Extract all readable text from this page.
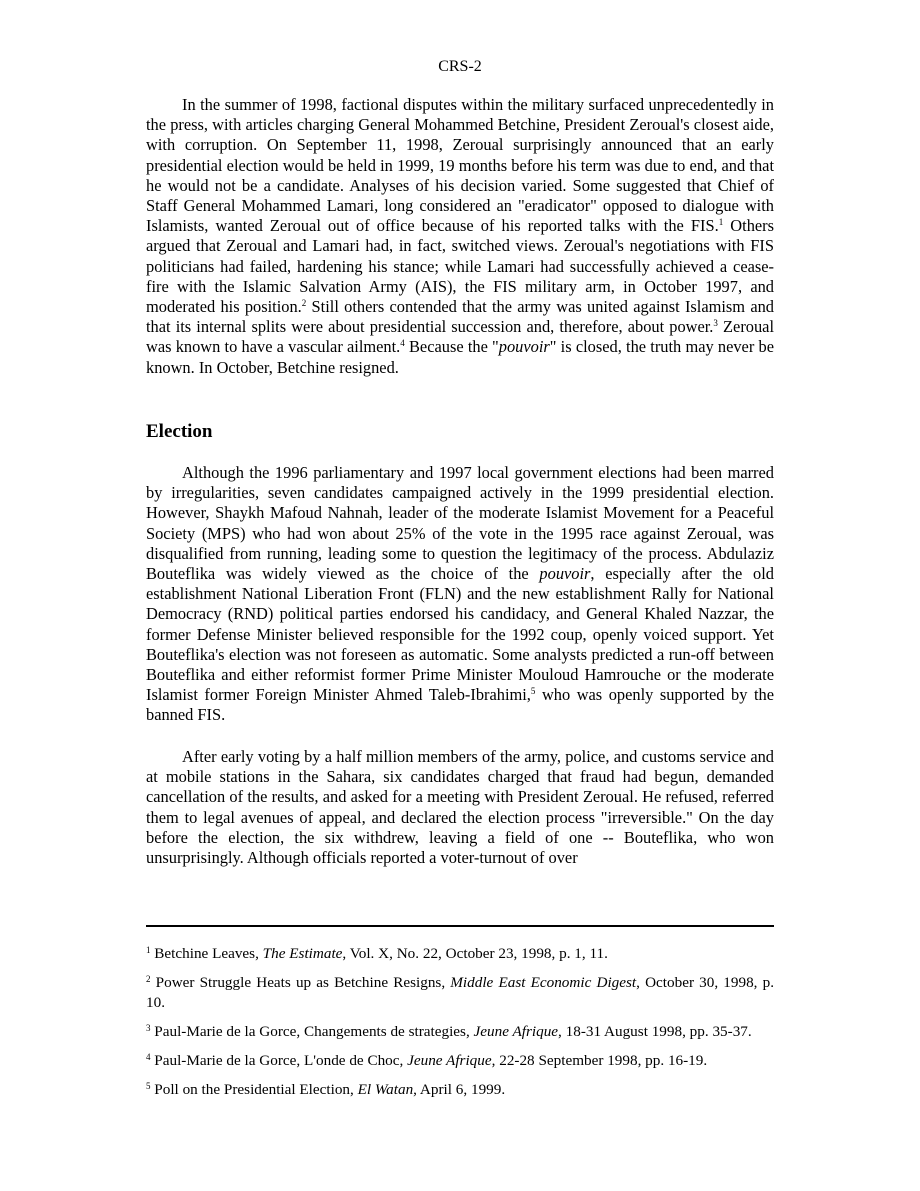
CRS-2

In the summer of 1998, factional disputes within the military surfaced unprecedentedly in the press, with articles charging General Mohammed Betchine, President Zeroual's closest aide, with corruption. On September 11, 1998, Zeroual surprisingly announced that an early presidential election would be held in 1999, 19 months before his term was due to end, and that he would not be a candidate. Analyses of his decision varied. Some suggested that Chief of Staff General Mohammed Lamari, long considered an "eradicator" opposed to dialogue with Islamists, wanted Zeroual out of office because of his reported talks with the FIS.$^1$ Others argued that Zeroual and Lamari had, in fact, switched views. Zeroual's negotiations with FIS politicians had failed, hardening his stance; while Lamari had successfully achieved a cease-fire with the Islamic Salvation Army (AIS), the FIS military arm, in October 1997, and moderated his position.$^2$ Still others contended that the army was united against Islamism and that its internal splits were about presidential succession and, therefore, about power.$^3$ Zeroual was known to have a vascular ailment.$^4$ Because the "pouvoir" is closed, the truth may never be known. In October, Betchine resigned.

Election

Although the 1996 parliamentary and 1997 local government elections had been marred by irregularities, seven candidates campaigned actively in the 1999 presidential election. However, Shaykh Mafoud Nahnah, leader of the moderate Islamist Movement for a Peaceful Society (MPS) who had won about 25% of the vote in the 1995 race against Zeroual, was disqualified from running, leading some to question the legitimacy of the process. Abdulaziz Bouteflika was widely viewed as the choice of the pouvoir, especially after the old establishment National Liberation Front (FLN) and the new establishment Rally for National Democracy (RND) political parties endorsed his candidacy, and General Khaled Nazzar, the former Defense Minister believed responsible for the 1992 coup, openly voiced support. Yet Bouteflika's election was not foreseen as automatic. Some analysts predicted a run-off between Bouteflika and either reformist former Prime Minister Mouloud Hamrouche or the moderate Islamist former Foreign Minister Ahmed Taleb-Ibrahimi,$^5$ who was openly supported by the banned FIS.

After early voting by a half million members of the army, police, and customs service and at mobile stations in the Sahara, six candidates charged that fraud had begun, demanded cancellation of the results, and asked for a meeting with President Zeroual. He refused, referred them to legal avenues of appeal, and declared the election process "irreversible." On the day before the election, the six withdrew, leaving a field of one -- Bouteflika, who won unsurprisingly. Although officials reported a voter-turnout of over

$^1$ Betchine Leaves, The Estimate, Vol. X, No. 22, October 23, 1998, p. 1, 11.

$^2$ Power Struggle Heats up as Betchine Resigns, Middle East Economic Digest, October 30, 1998, p. 10.

$^3$ Paul-Marie de la Gorce, Changements de strategies, Jeune Afrique, 18-31 August 1998, pp. 35-37.

$^4$ Paul-Marie de la Gorce, L'onde de Choc, Jeune Afrique, 22-28 September 1998, pp. 16-19.

$^5$ Poll on the Presidential Election, El Watan, April 6, 1999.
